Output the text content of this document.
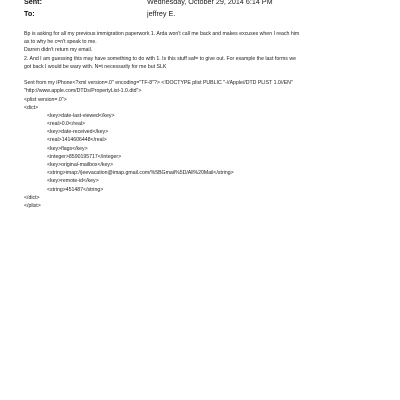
Sent:	Wednesday, October 29, 2014 6:14 PM
To:	jeffrey E.
Bp is asking for all my previous immigration paperwork 1. Arda won't call me back and makes excuses when I reach him
as to why he c=n't speak to me.
Darren didn't return my email.
2. And I am guessing this may have something to do with 1. Is this stuff saf= to give out. For example the last forms we
got back I would be wary with. N=t necessarily for me but SLK
Sent from my iPhone<?xml version=.0" encoding="TF-8"?> <!DOCTYPE plist PUBLIC "-//Apple//DTD PLIST 1.0//EN"
"http://www.apple.com/DTDs/PropertyList-1.0.dtd">
<plist version=.0">
<dict>
<key>date-last-viewed</key>
<real>0.0</real>
<key>date-received</key>
<real>1414606448</real>
<key>flags</key>
<integer>8590195717</integer>
<key>original-mailbox</key>
<string>imap://jeevacation@imap.gmail.com/%5BGmail%5D/All%20Mail</string>
<key>remote-id</key>
<string>451487</string>
</dict>
</plist>
